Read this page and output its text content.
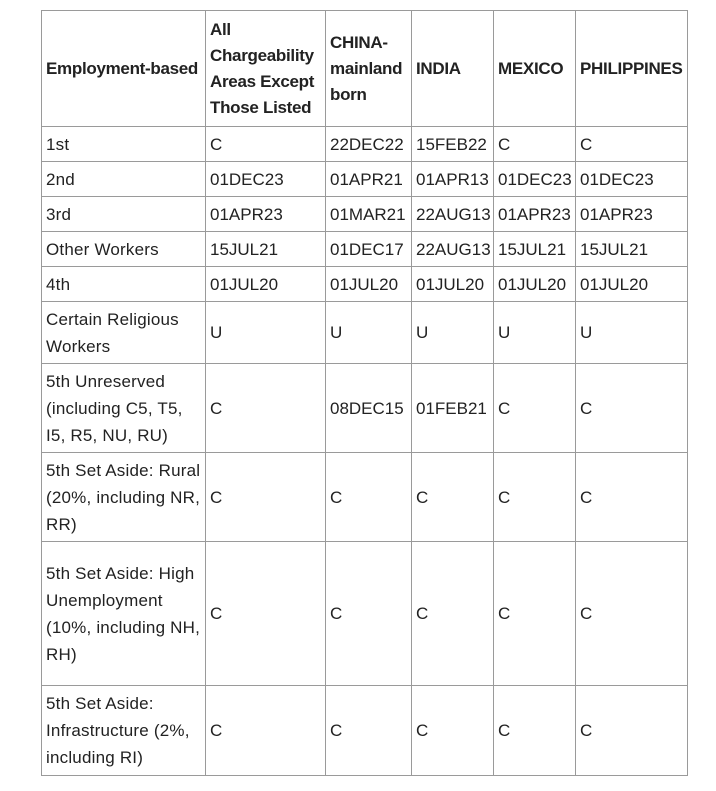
Employment-based	All Chargeability Areas Except Those Listed	CHINA-mainland born	INDIA	MEXICO	PHILIPPINES
1st	C	22DEC22	15FEB22	C	C
2nd	01DEC23	01APR21	01APR13	01DEC23	01DEC23
3rd	01APR23	01MAR21	22AUG13	01APR23	01APR23
Other Workers	15JUL21	01DEC17	22AUG13	15JUL21	15JUL21
4th	01JUL20	01JUL20	01JUL20	01JUL20	01JUL20
Certain Religious Workers	U	U	U	U	U
5th Unreserved (including C5, T5, I5, R5, NU, RU)	C	08DEC15	01FEB21	C	C
5th Set Aside: Rural (20%, including NR, RR)	C	C	C	C	C
5th Set Aside: High Unemployment (10%, including NH, RH)	C	C	C	C	C
5th Set Aside: Infrastructure (2%, including RI)	C	C	C	C	C
